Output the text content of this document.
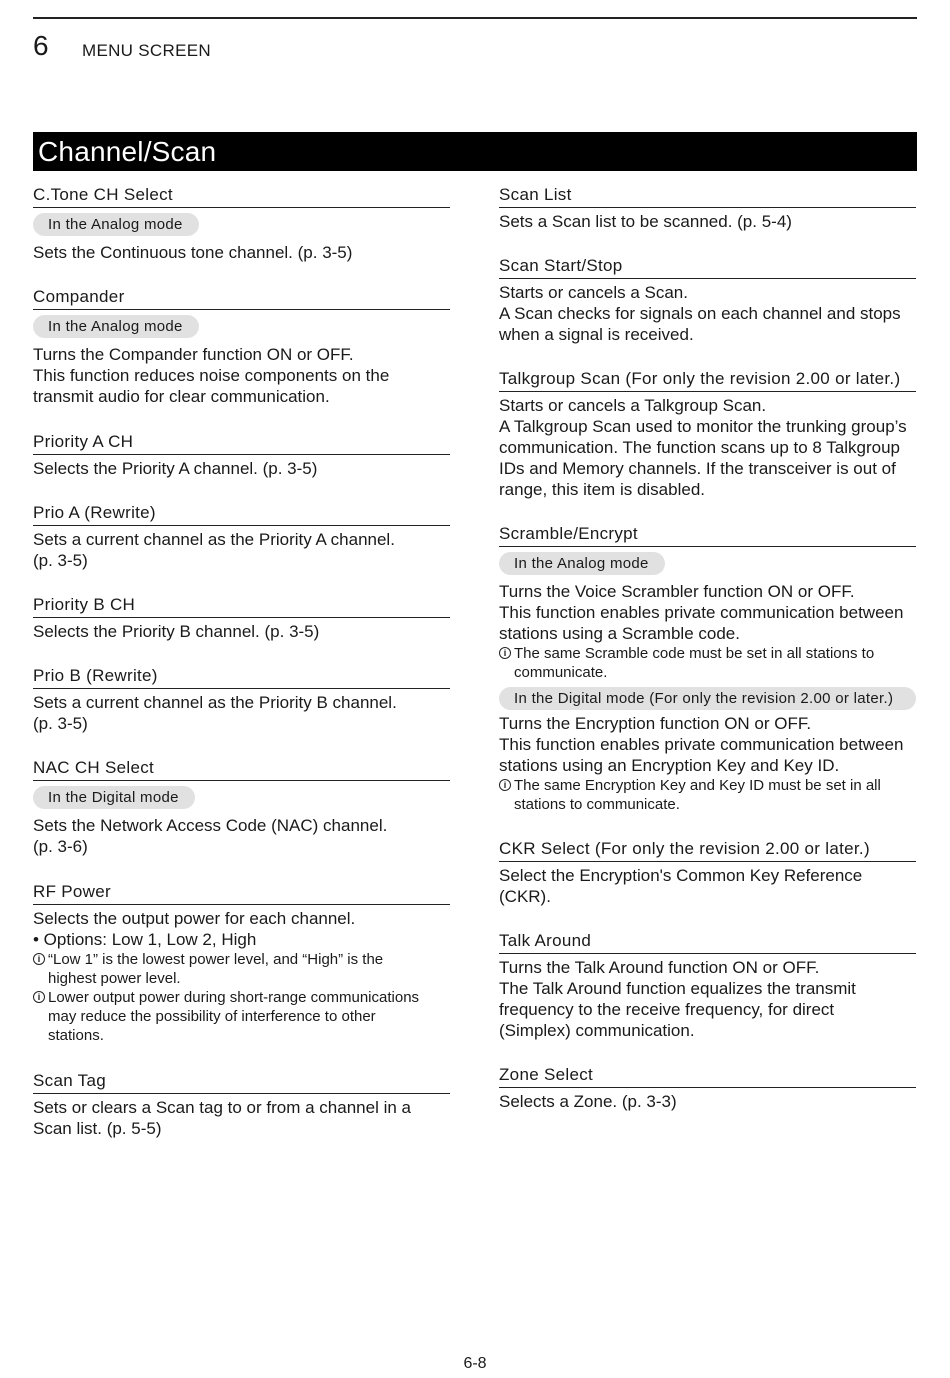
6 MENU SCREEN
Channel/Scan
C.Tone CH Select
In the Analog mode
Sets the Continuous tone channel. (p. 3-5)
Compander
In the Analog mode
Turns the Compander function ON or OFF.
This function reduces noise components on the
transmit audio for clear communication.
Priority A CH
Selects the Priority A channel. (p. 3-5)
Prio A (Rewrite)
Sets a current channel as the Priority A channel.
(p. 3-5)
Priority B CH
Selects the Priority B channel. (p. 3-5)
Prio B (Rewrite)
Sets a current channel as the Priority B channel.
(p. 3-5)
NAC CH Select
In the Digital mode
Sets the Network Access Code (NAC) channel.
(p. 3-6)
RF Power
Selects the output power for each channel.
• Options: Low 1, Low 2, High
i “Low 1” is the lowest power level, and “High” is the
highest power level.
i Lower output power during short-range communications
may reduce the possibility of interference to other
stations.
Scan Tag
Sets or clears a Scan tag to or from a channel in a
Scan list. (p. 5-5)
Scan List
Sets a Scan list to be scanned. (p. 5-4)
Scan Start/Stop
Starts or cancels a Scan.
A Scan checks for signals on each channel and stops
when a signal is received.
Talkgroup Scan (For only the revision 2.00 or later.)
Starts or cancels a Talkgroup Scan.
A Talkgroup Scan used to monitor the trunking group’s
communication. The function scans up to 8 Talkgroup
IDs and Memory channels. If the transceiver is out of
range, this item is disabled.
Scramble/Encrypt
In the Analog mode
Turns the Voice Scrambler function ON or OFF.
This function enables private communication between
stations using a Scramble code.
i The same Scramble code must be set in all stations to
communicate.
In the Digital mode (For only the revision 2.00 or later.)
Turns the Encryption function ON or OFF.
This function enables private communication between
stations using an Encryption Key and Key ID.
i The same Encryption Key and Key ID must be set in all
stations to communicate.
CKR Select (For only the revision 2.00 or later.)
Select the Encryption's Common Key Reference
(CKR).
Talk Around
Turns the Talk Around function ON or OFF.
The Talk Around function equalizes the transmit
frequency to the receive frequency, for direct
(Simplex) communication.
Zone Select
Selects a Zone. (p. 3-3)
6-8
